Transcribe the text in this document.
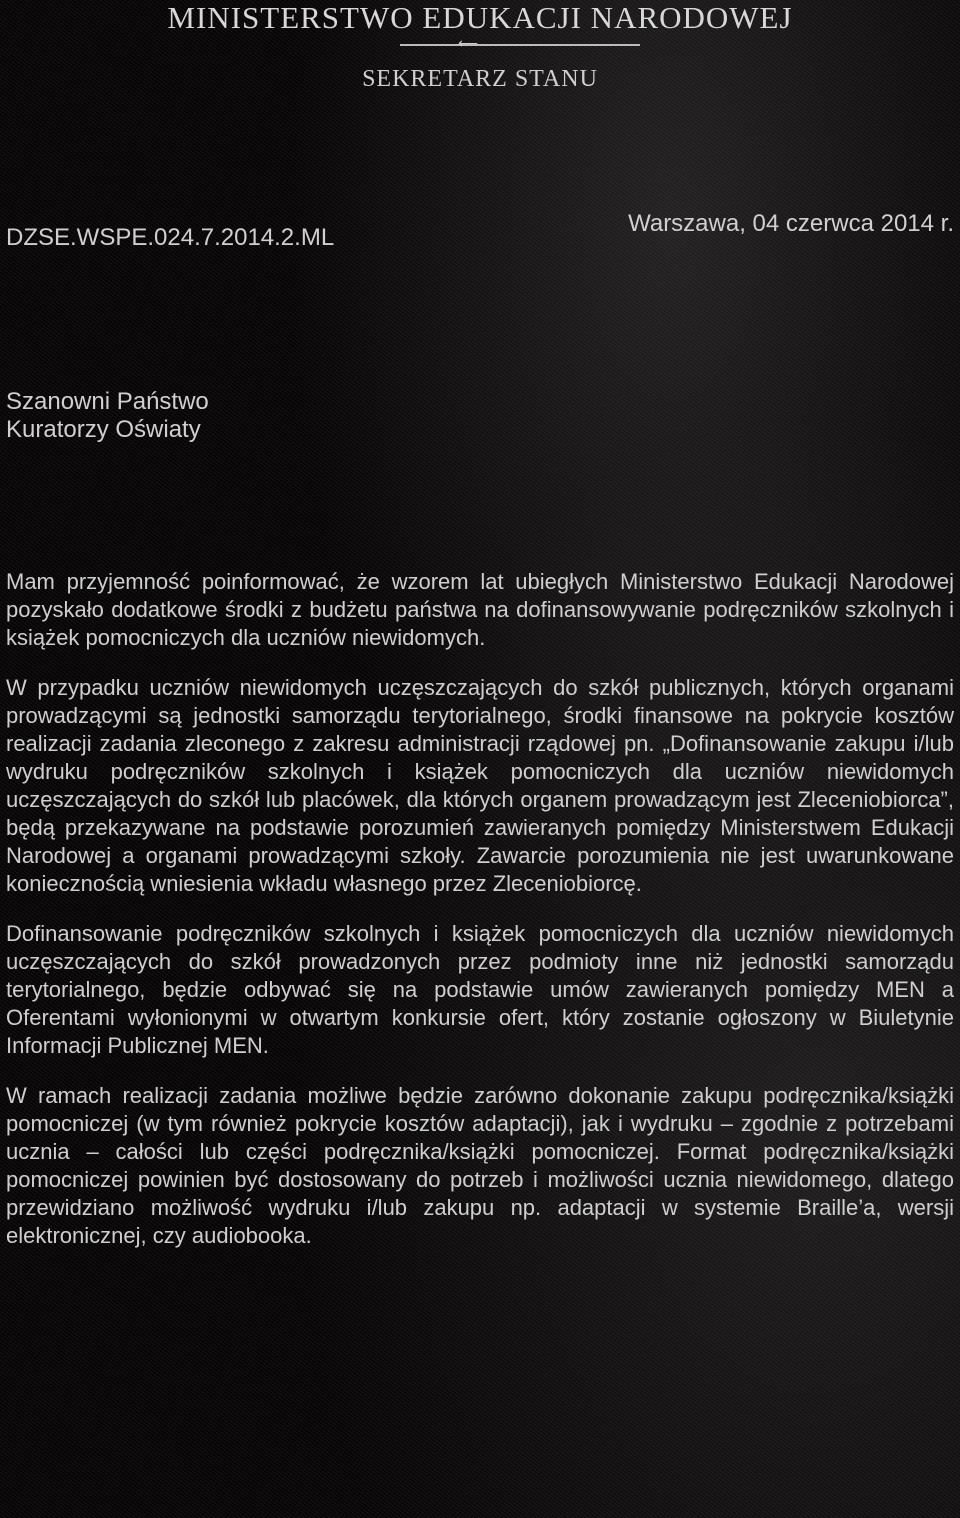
MINISTERSTWO EDUKACJI NARODOWEJ
⟵
SEKRETARZ STANU
Warszawa, 04 czerwca 2014 r.
DZSE.WSPE.024.7.2014.2.ML
Szanowni Państwo
Kuratorzy Oświaty

Mam przyjemność poinformować, że wzorem lat ubiegłych Ministerstwo Edukacji Narodowej pozyskało dodatkowe środki z budżetu państwa na dofinansowywanie podręczników szkolnych i książek pomocniczych dla uczniów niewidomych.

W przypadku uczniów niewidomych uczęszczających do szkół publicznych, których organami prowadzącymi są jednostki samorządu terytorialnego, środki finansowe na pokrycie kosztów realizacji zadania zleconego z zakresu administracji rządowej pn. „Dofinansowanie zakupu i/lub wydruku podręczników szkolnych i książek pomocniczych dla uczniów niewidomych uczęszczających do szkół lub placówek, dla których organem prowadzącym jest Zleceniobiorca”, będą przekazywane na podstawie porozumień zawieranych pomiędzy Ministerstwem Edukacji Narodowej a organami prowadzącymi szkoły. Zawarcie porozumienia nie jest uwarunkowane koniecznością wniesienia wkładu własnego przez Zleceniobiorcę.

Dofinansowanie podręczników szkolnych i książek pomocniczych dla uczniów niewidomych uczęszczających do szkół prowadzonych przez podmioty inne niż jednostki samorządu terytorialnego, będzie odbywać się na podstawie umów zawieranych pomiędzy MEN a Oferentami wyłonionymi w otwartym konkursie ofert, który zostanie ogłoszony w Biuletynie Informacji Publicznej MEN.

W ramach realizacji zadania możliwe będzie zarówno dokonanie zakupu podręcznika/książki pomocniczej (w tym również pokrycie kosztów adaptacji), jak i wydruku – zgodnie z potrzebami ucznia – całości lub części podręcznika/książki pomocniczej. Format podręcznika/książki pomocniczej powinien być dostosowany do potrzeb i możliwości ucznia niewidomego, dlatego przewidziano możliwość wydruku i/lub zakupu np. adaptacji w systemie Braille’a, wersji elektronicznej, czy audiobooka.
